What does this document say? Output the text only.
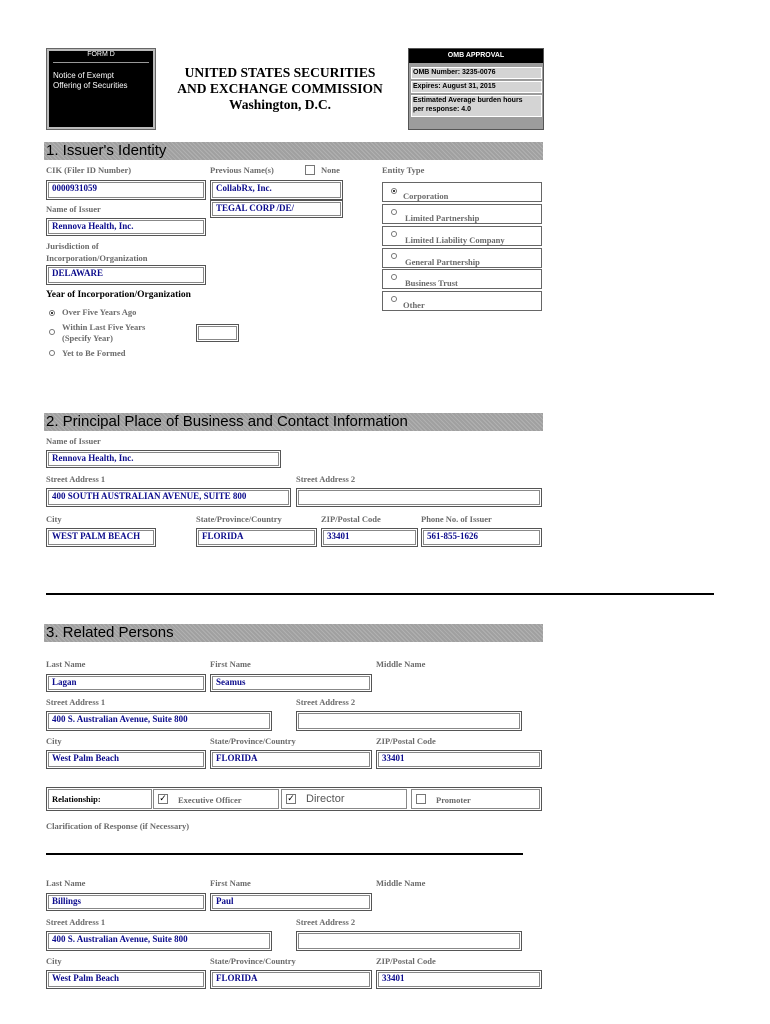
FORM D
Notice of Exempt
Offering of Securities
UNITED STATES SECURITIES
AND EXCHANGE COMMISSION
Washington, D.C.
OMB APPROVAL
OMB Number: 3235-0076
Expires: August 31, 2015
Estimated Average burden hours
per response: 4.0
1. Issuer's Identity
CIK (Filer ID Number)
0000931059
Previous Name(s)	None
CollabRx, Inc.
TEGAL CORP /DE/
Name of Issuer
Rennova Health, Inc.
Jurisdiction of
Incorporation/Organization
DELAWARE
Year of Incorporation/Organization
Over Five Years Ago
Within Last Five Years
(Specify Year)
Yet to Be Formed
Entity Type
Corporation
Limited Partnership
Limited Liability Company
General Partnership
Business Trust
Other
2. Principal Place of Business and Contact Information
Name of Issuer
Rennova Health, Inc.
Street Address 1
400 SOUTH AUSTRALIAN AVENUE, SUITE 800
Street Address 2
City
WEST PALM BEACH
State/Province/Country
FLORIDA
ZIP/Postal Code
33401
Phone No. of Issuer
561-855-1626
3. Related Persons
Last Name
Lagan
First Name
Seamus
Middle Name
Street Address 1
400 S. Australian Avenue, Suite 800
Street Address 2
City
West Palm Beach
State/Province/Country
FLORIDA
ZIP/Postal Code
33401
Relationship:	✓ Executive Officer	✓ Director	Promoter
Clarification of Response (if Necessary)
Last Name
Billings
First Name
Paul
Middle Name
Street Address 1
400 S. Australian Avenue, Suite 800
Street Address 2
City
West Palm Beach
State/Province/Country
FLORIDA
ZIP/Postal Code
33401
